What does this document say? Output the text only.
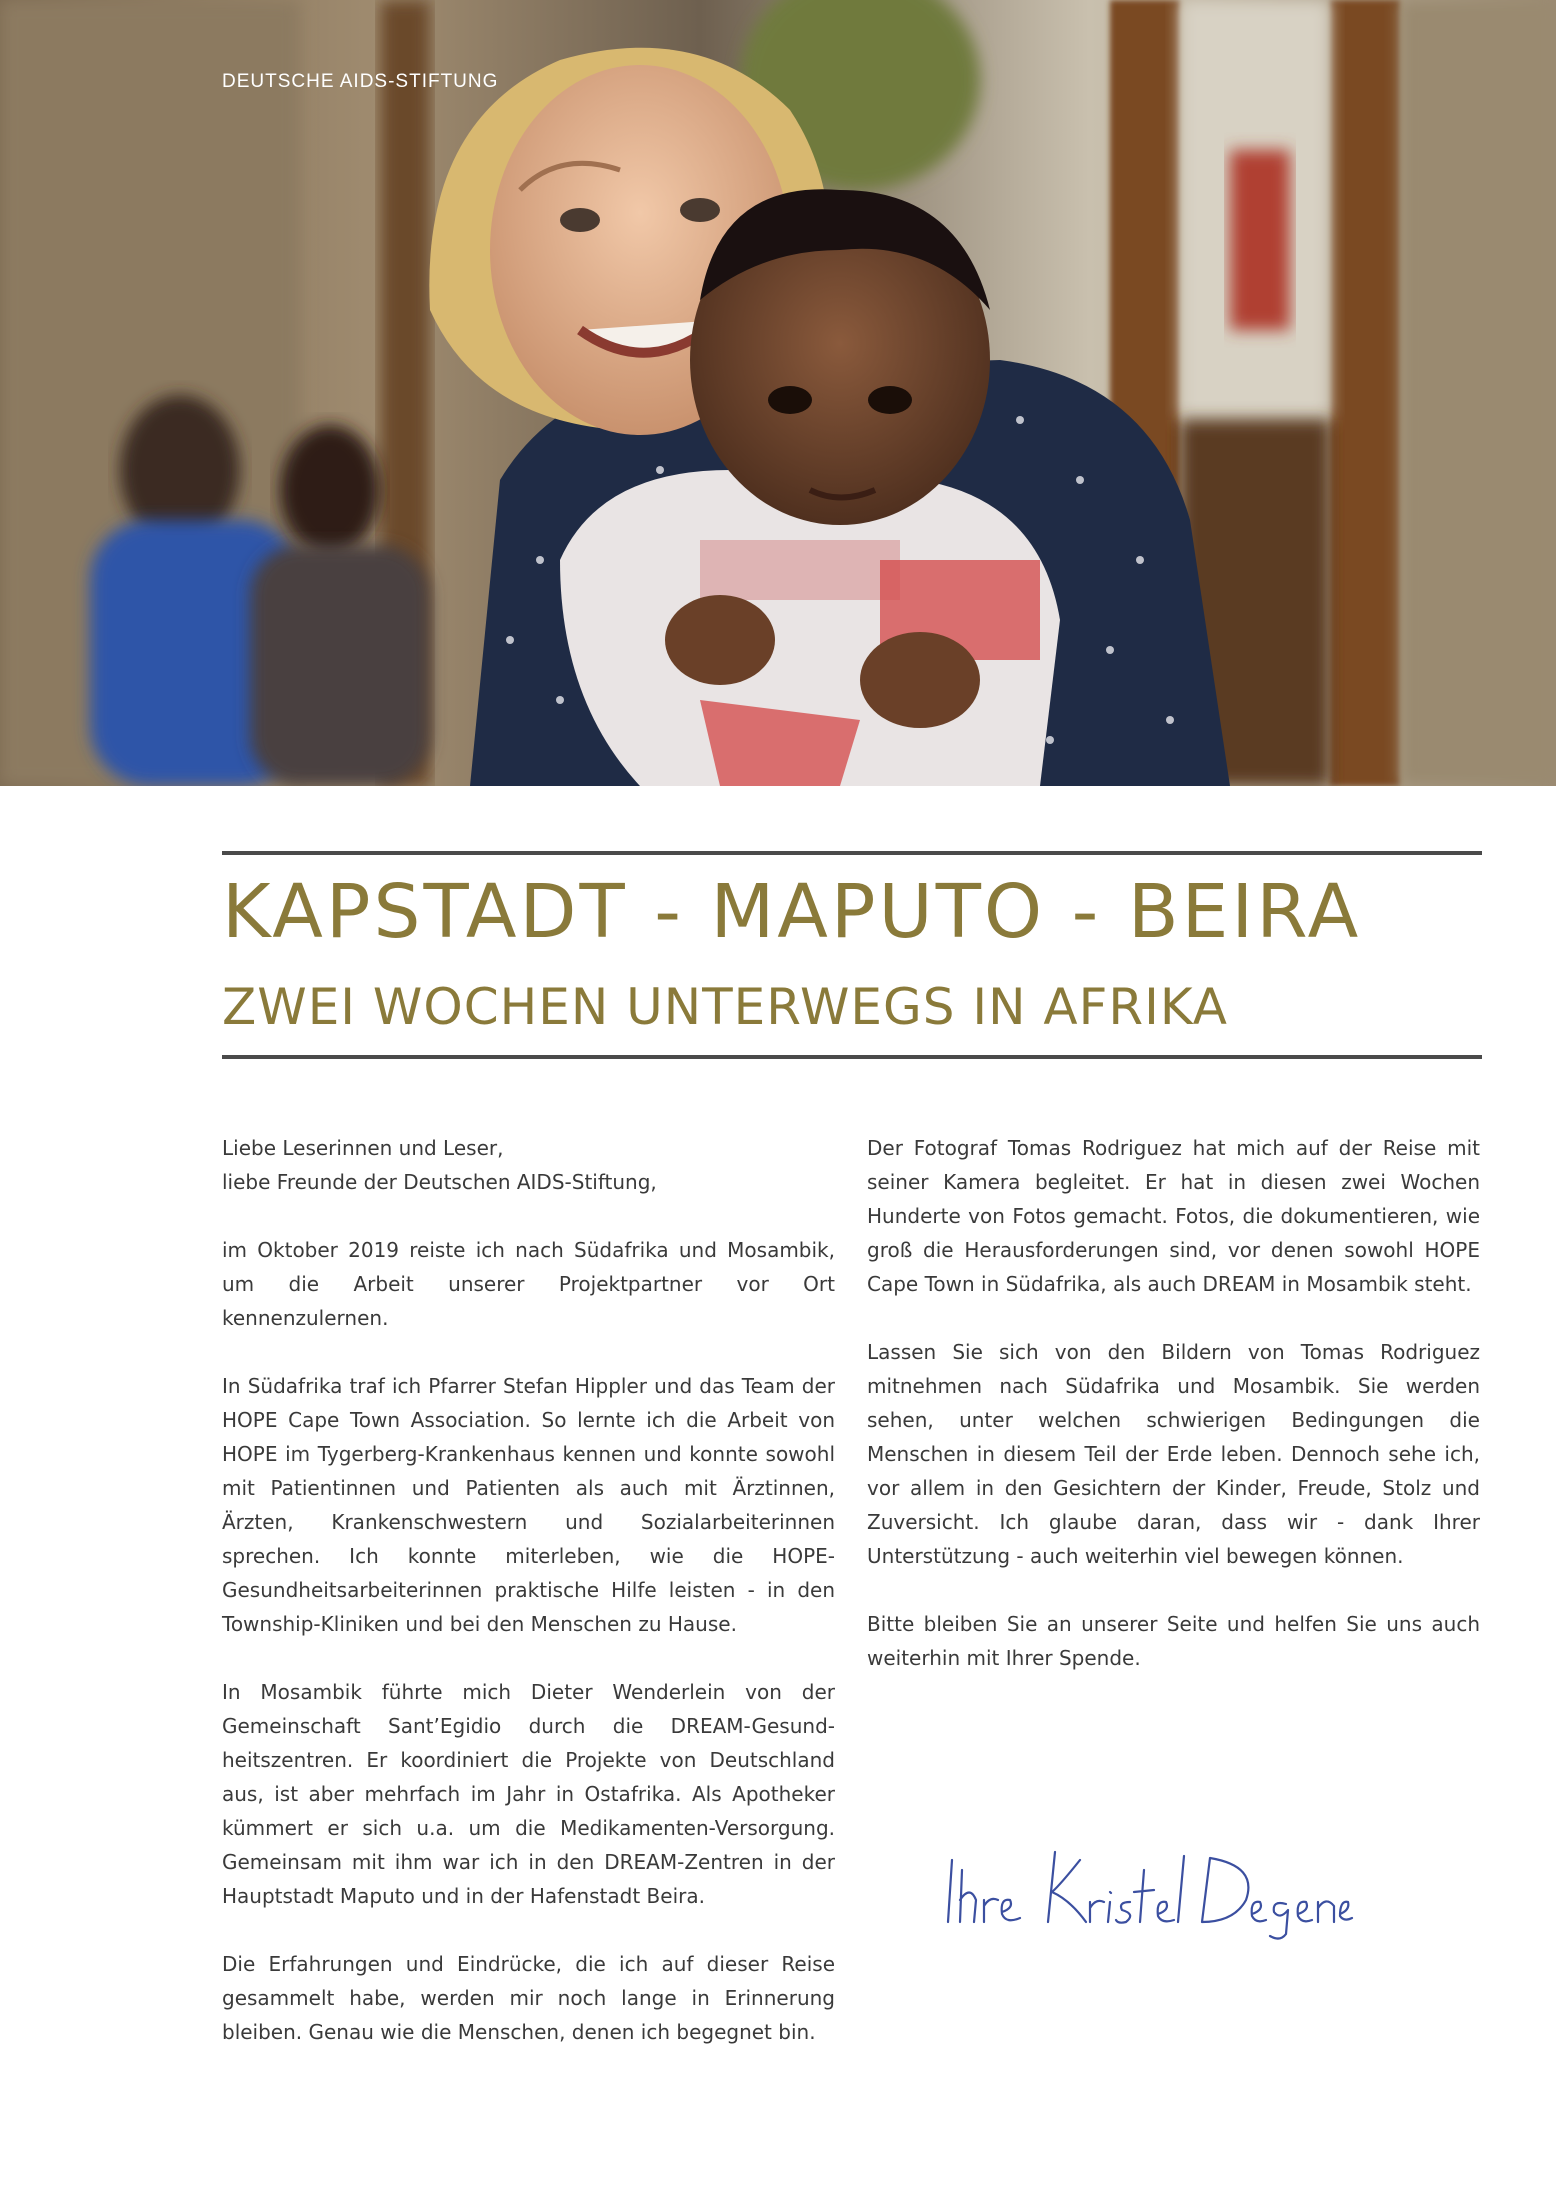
DEUTSCHE AIDS-STIFTUNG
KAPSTADT - MAPUTO - BEIRA
ZWEI WOCHEN UNTERWEGS IN AFRIKA

Liebe Leserinnen und Leser,
liebe Freunde der Deutschen AIDS-Stiftung,

im Oktober 2019 reiste ich nach Südafrika und Mosambik, um die Arbeit unserer Projektpartner vor Ort kennenzulernen.

In Südafrika traf ich Pfarrer Stefan Hippler und das Team der HOPE Cape Town Association. So lernte ich die Arbeit von HOPE im Tygerberg-Krankenhaus kennen und konnte sowohl mit Patientinnen und Patienten als auch mit Ärztinnen, Ärzten, Krankenschwestern und Sozialarbeiterinnen sprechen. Ich konnte miterleben, wie die HOPE-Gesundheitsarbeiterinnen praktische Hilfe leisten - in den Township-Kliniken und bei den Menschen zu Hause.

In Mosambik führte mich Dieter Wenderlein von der Gemeinschaft Sant’Egidio durch die DREAM-Gesund-heitszentren. Er koordiniert die Projekte von Deutschland aus, ist aber mehrfach im Jahr in Ostafrika. Als Apotheker kümmert er sich u.a. um die Medikamenten-Versorgung. Gemeinsam mit ihm war ich in den DREAM-Zentren in der Hauptstadt Maputo und in der Hafenstadt Beira.

Die Erfahrungen und Eindrücke, die ich auf dieser Reise gesammelt habe, werden mir noch lange in Erinnerung bleiben. Genau wie die Menschen, denen ich begegnet bin.

Der Fotograf Tomas Rodriguez hat mich auf der Reise mit seiner Kamera begleitet. Er hat in diesen zwei Wochen Hunderte von Fotos gemacht. Fotos, die dokumentieren, wie groß die Herausforderungen sind, vor denen sowohl HOPE Cape Town in Südafrika, als auch DREAM in Mosambik steht.

Lassen Sie sich von den Bildern von Tomas Rodriguez mitnehmen nach Südafrika und Mosambik. Sie werden sehen, unter welchen schwierigen Bedingungen die Menschen in diesem Teil der Erde leben. Dennoch sehe ich, vor allem in den Gesichtern der Kinder, Freude, Stolz und Zuversicht. Ich glaube daran, dass wir - dank Ihrer Unterstützung - auch weiterhin viel bewegen können.

Bitte bleiben Sie an unserer Seite und helfen Sie uns auch weiterhin mit Ihrer Spende.
